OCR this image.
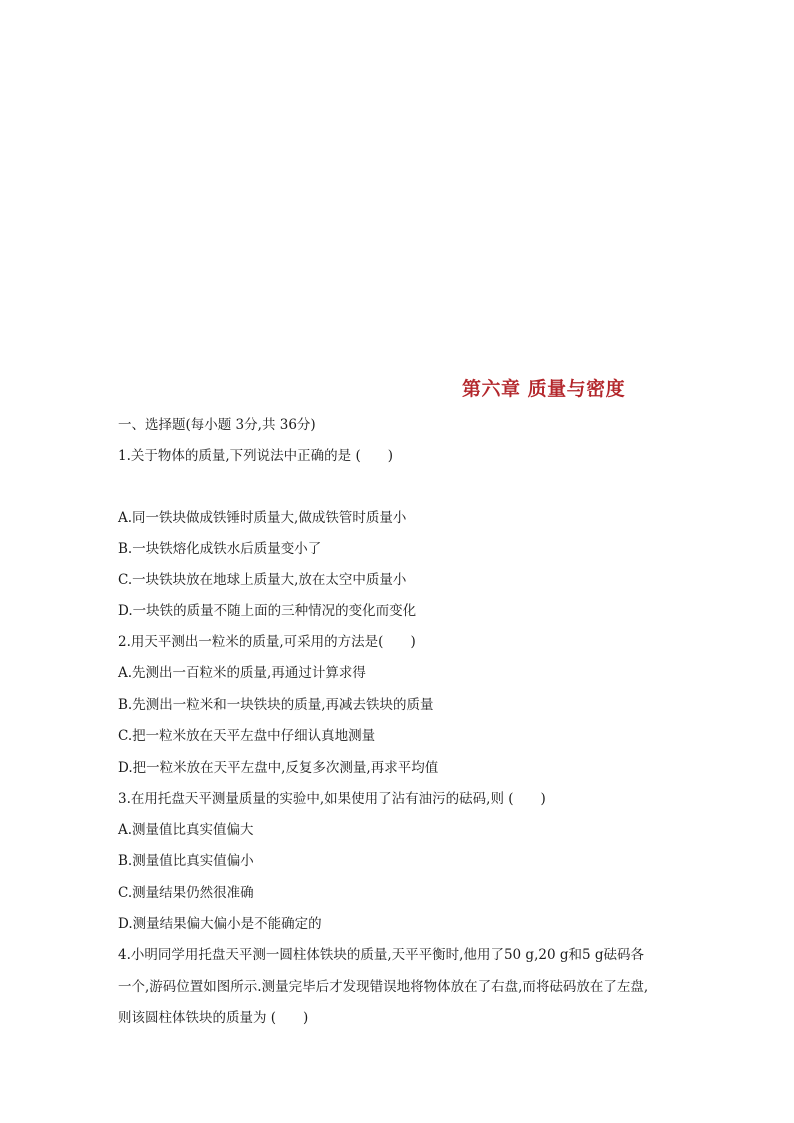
第六章 质量与密度
一、选择题(每小题 3分,共 36分)
1.关于物体的质量,下列说法中正确的是 (　　)
A.同一铁块做成铁锤时质量大,做成铁管时质量小
B.一块铁熔化成铁水后质量变小了
C.一块铁块放在地球上质量大,放在太空中质量小
D.一块铁的质量不随上面的三种情况的变化而变化
2.用天平测出一粒米的质量,可采用的方法是(　　)
A.先测出一百粒米的质量,再通过计算求得
B.先测出一粒米和一块铁块的质量,再减去铁块的质量
C.把一粒米放在天平左盘中仔细认真地测量
D.把一粒米放在天平左盘中,反复多次测量,再求平均值
3.在用托盘天平测量质量的实验中,如果使用了沾有油污的砝码,则 (　　)
A.测量值比真实值偏大
B.测量值比真实值偏小
C.测量结果仍然很准确
D.测量结果偏大偏小是不能确定的
4.小明同学用托盘天平测一圆柱体铁块的质量,天平平衡时,他用了50 g,20 g和5 g砝码各
一个,游码位置如图所示.测量完毕后才发现错误地将物体放在了右盘,而将砝码放在了左盘,
则该圆柱体铁块的质量为 (　　)
